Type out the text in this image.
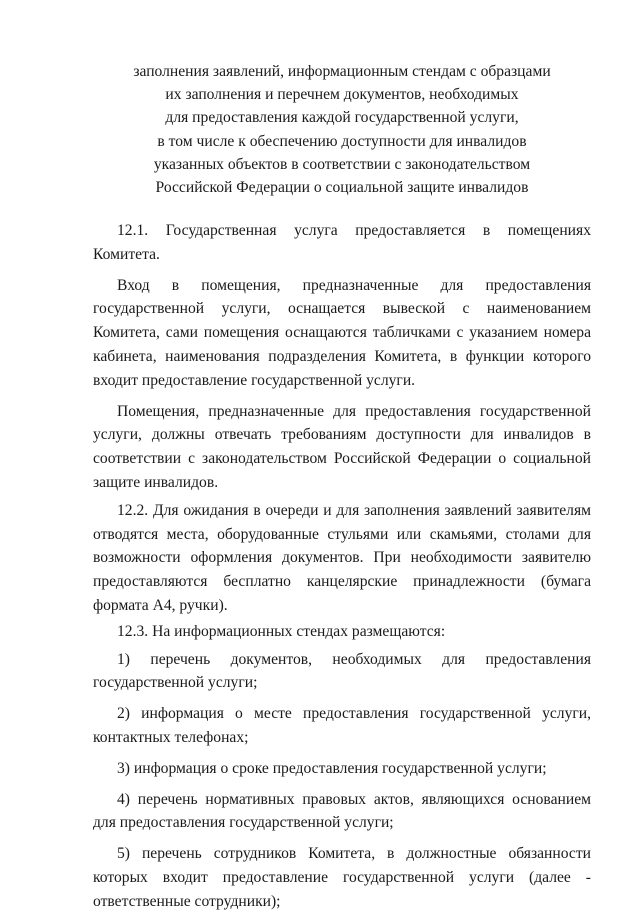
заполнения заявлений, информационным стендам с образцами
их заполнения и перечнем документов, необходимых
для предоставления каждой государственной услуги,
в том числе к обеспечению доступности для инвалидов
указанных объектов в соответствии с законодательством
Российской Федерации о социальной защите инвалидов

12.1. Государственная услуга предоставляется в помещениях Комитета.

Вход в помещения, предназначенные для предоставления государственной услуги, оснащается вывеской с наименованием Комитета, сами помещения оснащаются табличками с указанием номера кабинета, наименования подразделения Комитета, в функции которого входит предоставление государственной услуги.

Помещения, предназначенные для предоставления государственной услуги, должны отвечать требованиям доступности для инвалидов в соответствии с законодательством Российской Федерации о социальной защите инвалидов.

12.2. Для ожидания в очереди и для заполнения заявлений заявителям отводятся места, оборудованные стульями или скамьями, столами для возможности оформления документов. При необходимости заявителю предоставляются бесплатно канцелярские принадлежности (бумага формата А4, ручки).

12.3. На информационных стендах размещаются:

1) перечень документов, необходимых для предоставления государственной услуги;

2) информация о месте предоставления государственной услуги, контактных телефонах;

3) информация о сроке предоставления государственной услуги;

4) перечень нормативных правовых актов, являющихся основанием для предоставления государственной услуги;

5) перечень сотрудников Комитета, в должностные обязанности которых входит предоставление государственной услуги (далее - ответственные сотрудники);
